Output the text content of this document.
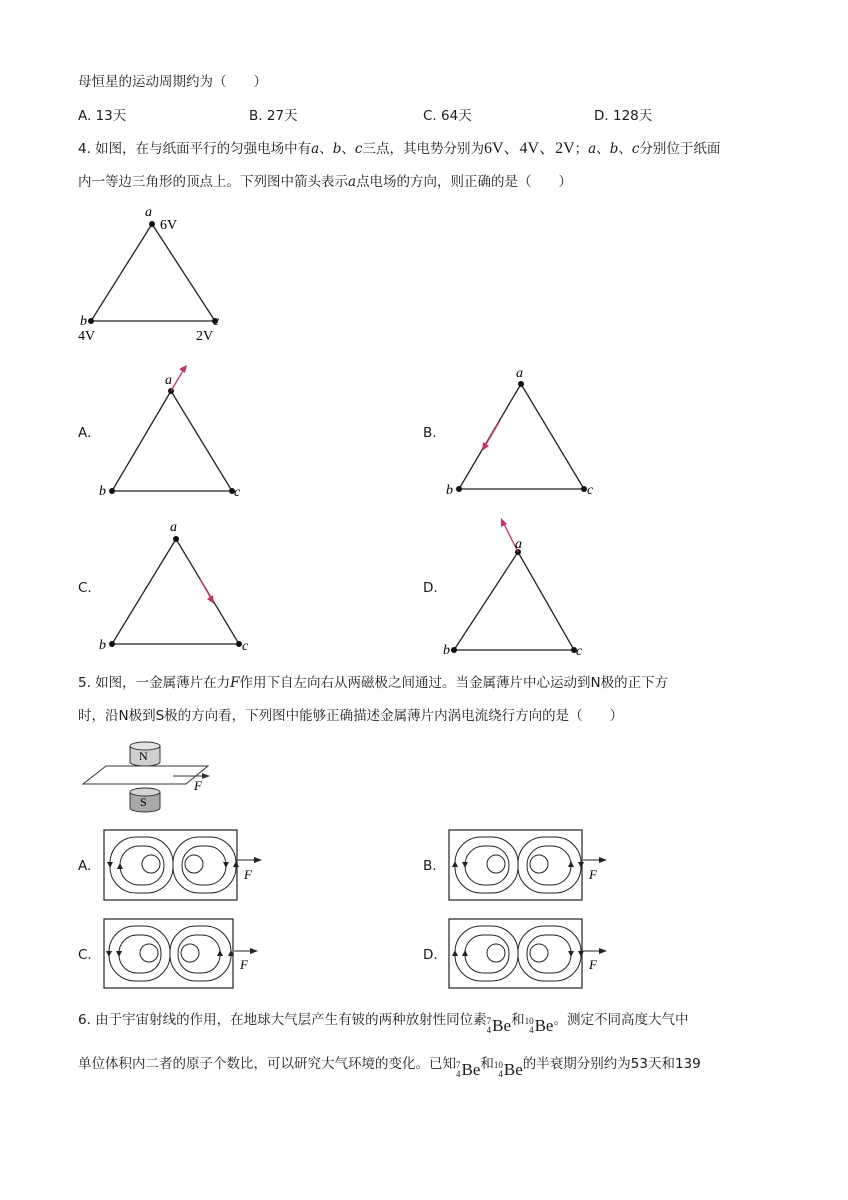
母恒星的运动周期约为（　　）
A. 13天	B. 27天	C. 64天	D. 128天
4. 如图，在与纸面平行的匀强电场中有a、b、c三点，其电势分别为6V、4V、2V；a、b、c分别位于纸面
内一等边三角形的顶点上。下列图中箭头表示a点电场的方向，则正确的是（　　）
a
6V
b
4V
c
2V
A.
a
b	c
B.
a
b	c
C.
a
b	c
D.
a
b	c
5. 如图，一金属薄片在力F作用下自左向右从两磁极之间通过。当金属薄片中心运动到N极的正下方
时，沿N极到S极的方向看，下列图中能够正确描述金属薄片内涡电流绕行方向的是（　　）
N
F
S
A.
F
B.
F
C.
F
D.
F
6. 由于宇宙射线的作用，在地球大气层产生有铍的两种放射性同位素 7
4 Be 和 10
4 Be 。测定不同高度大气中
单位体积内二者的原子个数比，可以研究大气环境的变化。已知 7
4 Be 和 10
4 Be 的半衰期分别约为53天和139
